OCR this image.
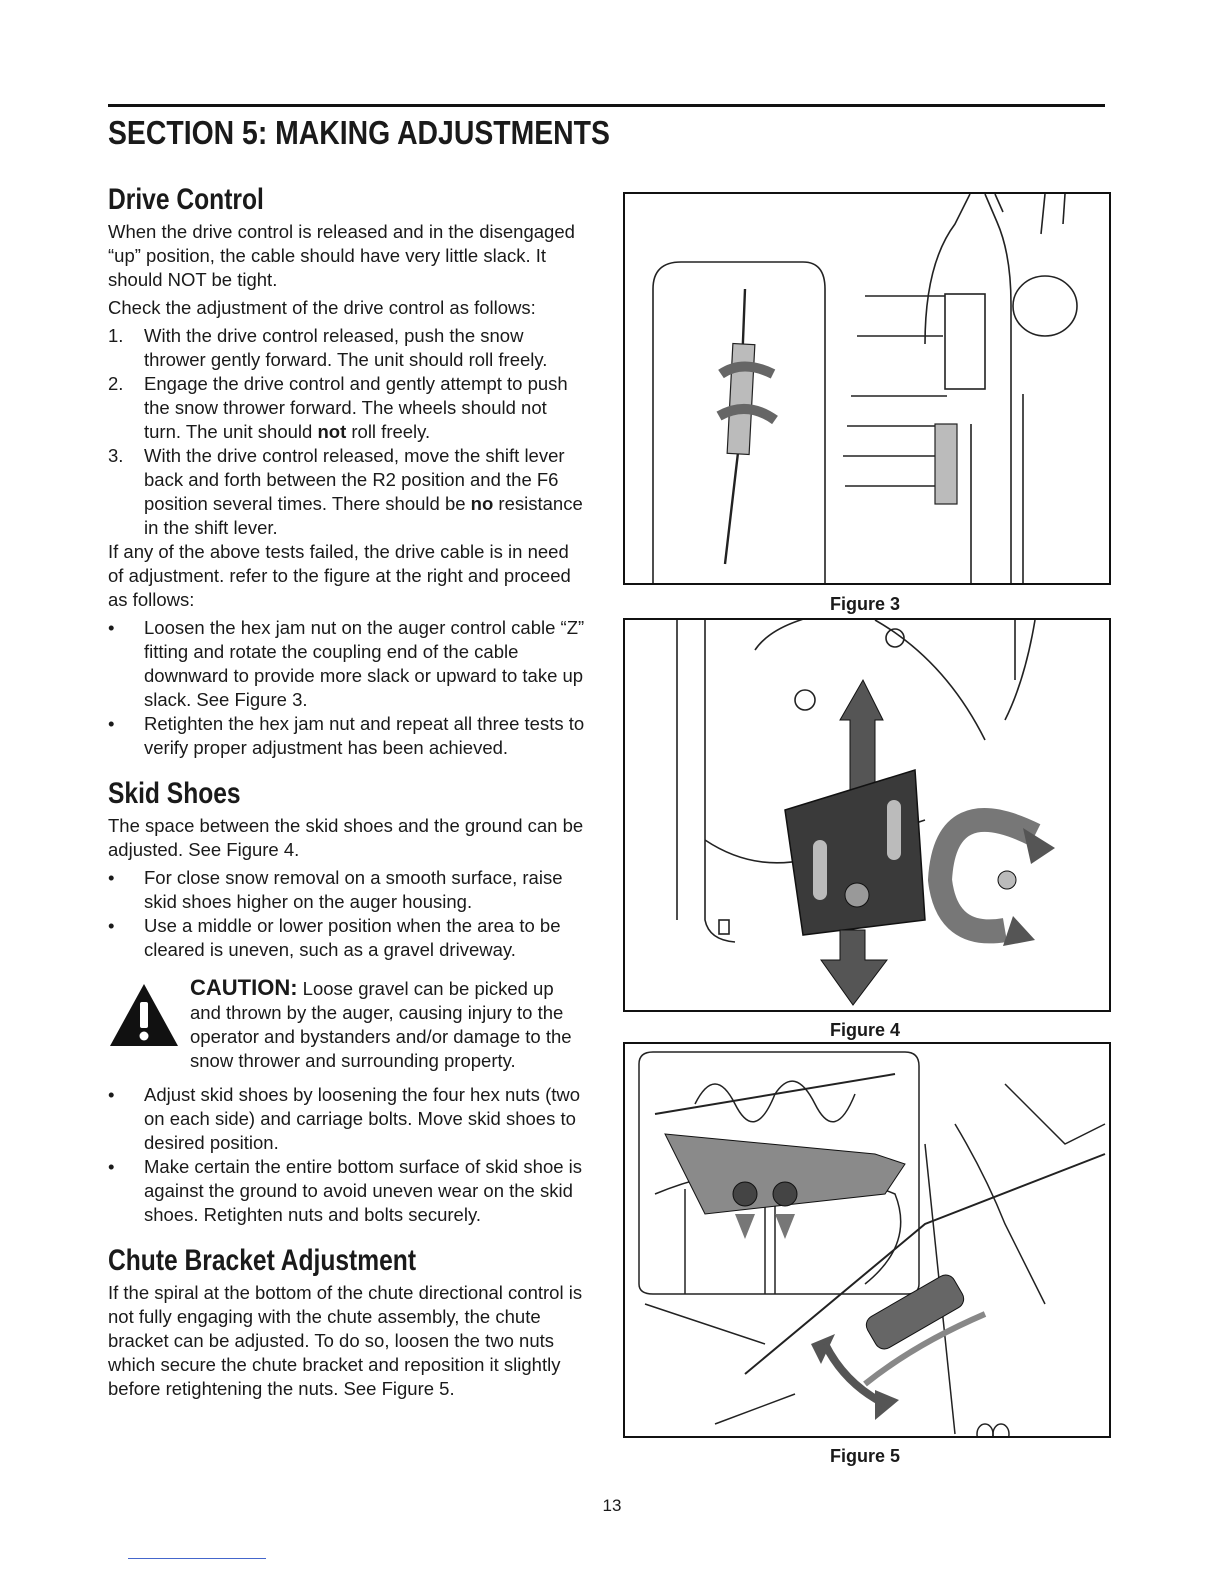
SECTION 5: MAKING ADJUSTMENTS
Drive Control

When the drive control is released and in the disengaged “up” position, the cable should have very little slack. It should NOT be tight.

Check the adjustment of the drive control as follows:

1. With the drive control released, push the snow thrower gently forward. The unit should roll freely.
2. Engage the drive control and gently attempt to push the snow thrower forward. The wheels should not turn. The unit should not roll freely.
3. With the drive control released, move the shift lever back and forth between the R2 position and the F6 position several times. There should be no resistance in the shift lever.

If any of the above tests failed, the drive cable is in need of adjustment. refer to the figure at the right and proceed as follows:

• Loosen the hex jam nut on the auger control cable “Z” fitting and rotate the coupling end of the cable downward to provide more slack or upward to take up slack. See Figure 3.
• Retighten the hex jam nut and repeat all three tests to verify proper adjustment has been achieved.
Skid Shoes

The space between the skid shoes and the ground can be adjusted. See Figure 4.

• For close snow removal on a smooth surface, raise skid shoes higher on the auger housing.
• Use a middle or lower position when the area to be cleared is uneven, such as a gravel driveway.
CAUTION: Loose gravel can be picked up and thrown by the auger, causing injury to the operator and bystanders and/or damage to the snow thrower and surrounding property.
• Adjust skid shoes by loosening the four hex nuts (two on each side) and carriage bolts. Move skid shoes to desired position.
• Make certain the entire bottom surface of skid shoe is against the ground to avoid uneven wear on the skid shoes. Retighten nuts and bolts securely.
Chute Bracket Adjustment

If the spiral at the bottom of the chute directional control is not fully engaging with the chute assembly, the chute bracket can be adjusted. To do so, loosen the two nuts which secure the chute bracket and reposition it slightly before retightening the nuts. See Figure 5.

Figure 3
Figure 4
Figure 5
13
